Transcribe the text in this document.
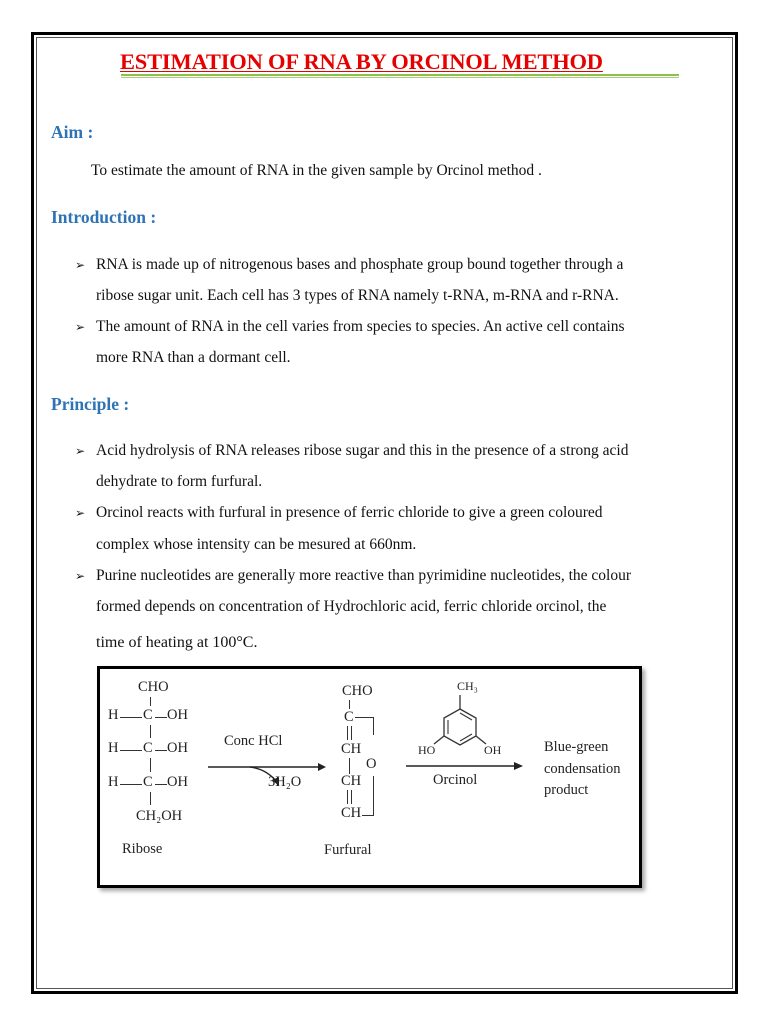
ESTIMATION OF RNA BY ORCINOL METHOD
Aim :
To estimate the amount of RNA in the given sample by Orcinol method .
Introduction :
➢ RNA is made up of nitrogenous bases and phosphate group bound together through a
ribose sugar unit. Each cell has 3 types of RNA namely t-RNA, m-RNA and r-RNA.
➢ The amount of RNA in the cell varies from species to species. An active cell contains
more RNA than a dormant cell.
Principle :
➢ Acid hydrolysis of RNA releases ribose sugar and this in the presence of a strong acid
dehydrate to form furfural.
➢ Orcinol reacts with furfural in presence of ferric chloride to give a green coloured
complex whose intensity can be mesured at 660nm.
➢ Purine nucleotides are generally more reactive than pyrimidine nucleotides, the colour
formed depends on concentration of Hydrochloric acid, ferric chloride orcinol, the
time of heating at 100°C.
CHO
H C OH
H C OH
H C OH
CH₂OH
Ribose
Conc HCl
3H₂O
CHO
C
CH
O
CH
CH
Furfural
CH₃
HO	OH
Orcinol
Blue-green
condensation
product
